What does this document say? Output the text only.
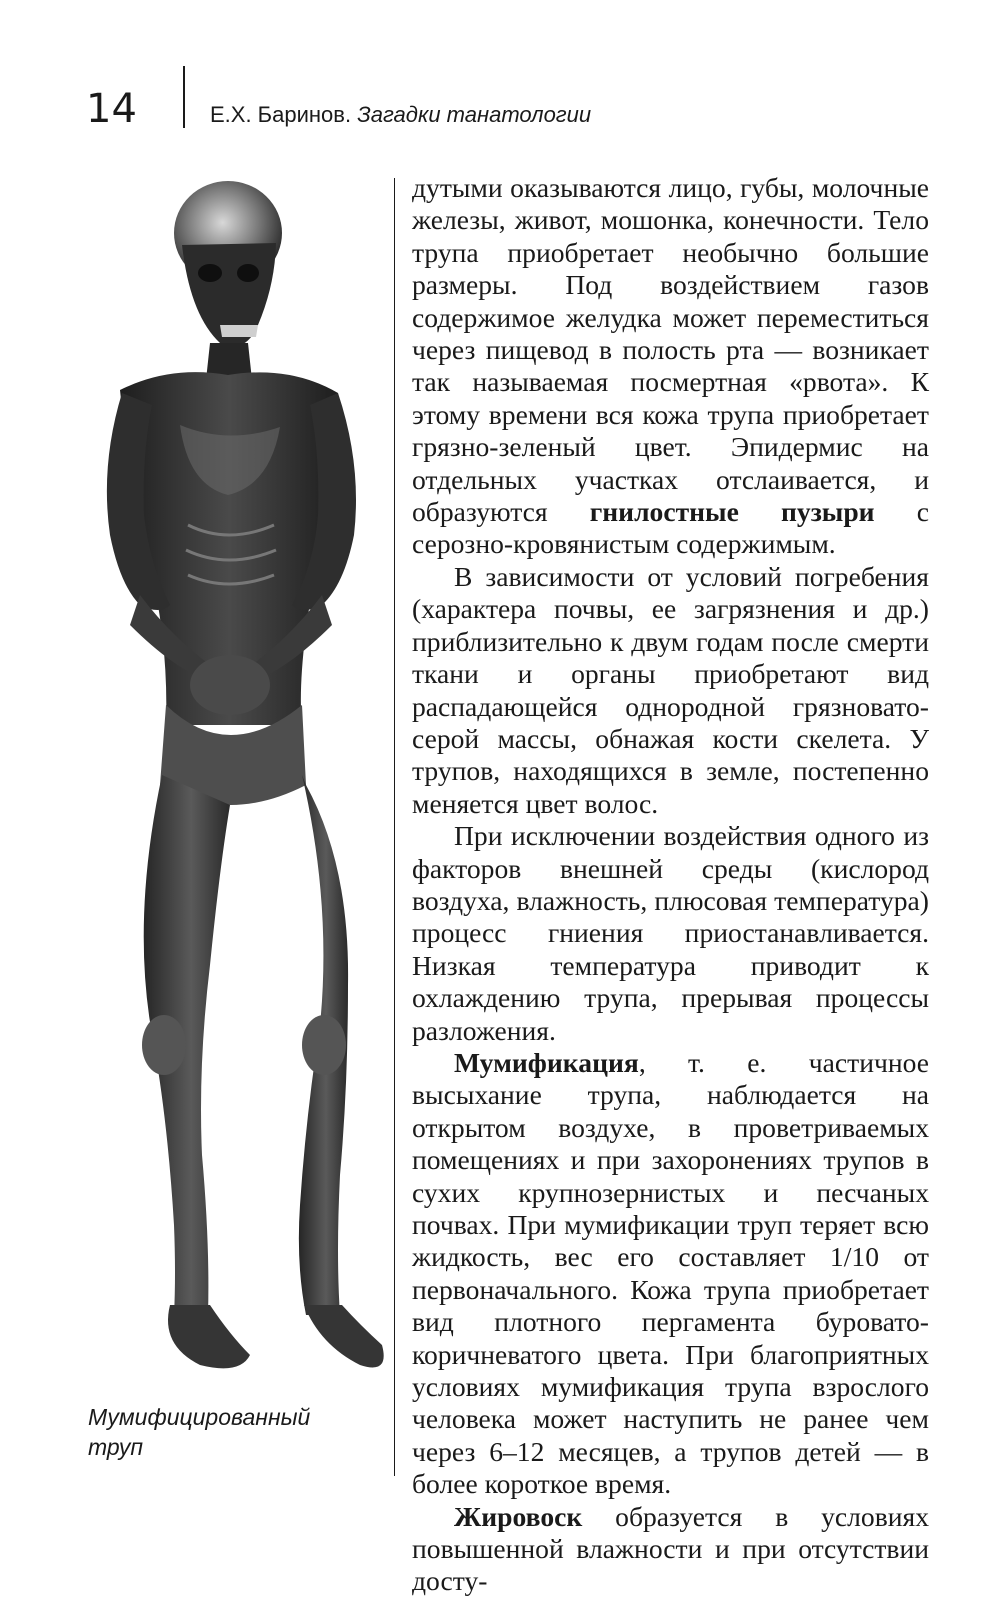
14	Е.Х. Баринов. Загадки танатологии
Мумифицированный труп

дутыми оказываются лицо, губы, молочные железы, живот, мошонка, конечности. Тело трупа приобретает необычно большие размеры. Под воздействием газов содержимое желудка может переместиться через пищевод в полость рта — возникает так называемая посмертная «рвота». К этому времени вся кожа трупа приобретает грязно-зеленый цвет. Эпидермис на отдельных участках отслаивается, и образуются гнилостные пузыри с серозно-кровянистым содержимым.

В зависимости от условий погребения (характера почвы, ее загрязнения и др.) приблизительно к двум годам после смерти ткани и органы приобретают вид распадающейся однородной грязновато-серой массы, обнажая кости скелета. У трупов, находящихся в земле, постепенно меняется цвет волос.

При исключении воздействия одного из факторов внешней среды (кислород воздуха, влажность, плюсовая температура) процесс гниения приостанавливается. Низкая температура приводит к охлаждению трупа, прерывая процессы разложения.

Мумификация, т. е. частичное высыхание трупа, наблюдается на открытом воздухе, в проветриваемых помещениях и при захоронениях трупов в сухих крупнозернистых и песчаных почвах. При мумификации труп теряет всю жидкость, вес его составляет 1/10 от первоначального. Кожа трупа приобретает вид плотного пергамента буровато-коричневатого цвета. При благоприятных условиях мумификация трупа взрослого человека может наступить не ранее чем через 6–12 месяцев, а трупов детей — в более короткое время.

Жировоск образуется в условиях повышенной влажности и при отсутствии досту-
